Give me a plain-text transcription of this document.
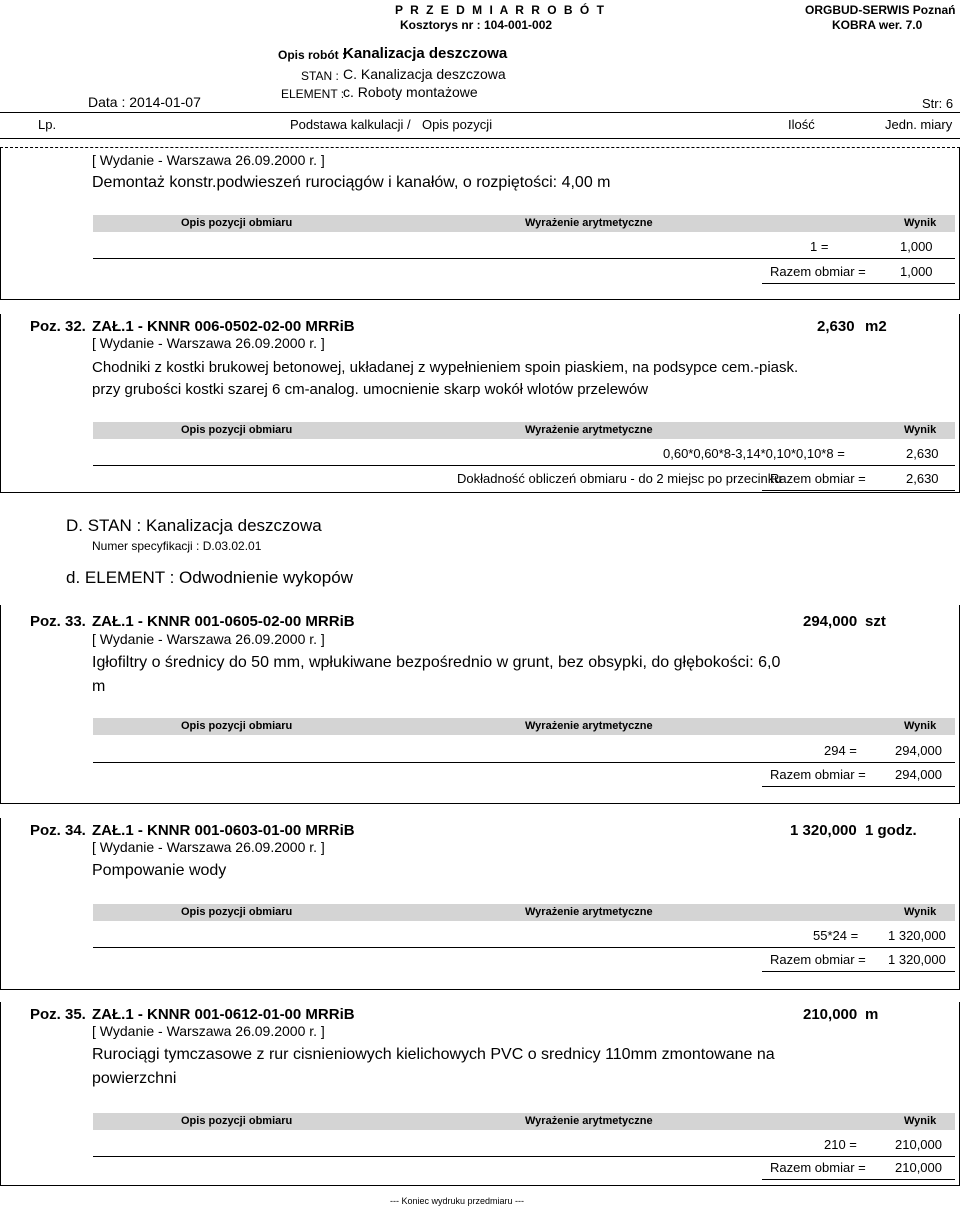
P R Z E D M I A R R O B Ó T
Kosztorys nr : 104-001-002
ORGBUD-SERWIS Poznań
KOBRA wer. 7.0
Opis robót :
Kanalizacja deszczowa
STAN : C. Kanalizacja deszczowa
ELEMENT :
c. Roboty montażowe
Data : 2014-01-07	Str: 6
Lp.	Podstawa kalkulacji / Opis pozycji	Ilość	Jedn. miary
[ Wydanie - Warszawa 26.09.2000 r. ]
Demontaż konstr.podwieszeń rurociągów i kanałów, o rozpiętości: 4,00 m
Opis pozycji obmiaru	Wyrażenie arytmetyczne	Wynik
1 =	1,000
Razem obmiar =	1,000
Poz. 32. ZAŁ.1 - KNNR 006-0502-02-00 MRRiB	2,630 m2
[ Wydanie - Warszawa 26.09.2000 r. ]
Chodniki z kostki brukowej betonowej, układanej z wypełnieniem spoin piaskiem, na podsypce cem.-piask.
przy grubości kostki szarej 6 cm-analog. umocnienie skarp wokół wlotów przelewów
Opis pozycji obmiaru	Wyrażenie arytmetyczne	Wynik
0,60*0,60*8-3,14*0,10*0,10*8 =	2,630
Dokładność obliczeń obmiaru - do 2 miejsc po przecinku
Razem obmiar =	2,630
D. STAN : Kanalizacja deszczowa
Numer specyfikacji : D.03.02.01
d. ELEMENT : Odwodnienie wykopów
Poz. 33. ZAŁ.1 - KNNR 001-0605-02-00 MRRiB	294,000 szt
[ Wydanie - Warszawa 26.09.2000 r. ]
Igłofiltry o średnicy do 50 mm, wpłukiwane bezpośrednio w grunt, bez obsypki, do głębokości: 6,0
m
Opis pozycji obmiaru	Wyrażenie arytmetyczne	Wynik
294 =	294,000
Razem obmiar = 294,000
Poz. 34. ZAŁ.1 - KNNR 001-0603-01-00 MRRiB	1 320,000 1 godz.
[ Wydanie - Warszawa 26.09.2000 r. ]
Pompowanie wody
Opis pozycji obmiaru	Wyrażenie arytmetyczne	Wynik
55*24 = 1 320,000
Razem obmiar = 1 320,000
Poz. 35. ZAŁ.1 - KNNR 001-0612-01-00 MRRiB	210,000 m
[ Wydanie - Warszawa 26.09.2000 r. ]
Rurociągi tymczasowe z rur cisnieniowych kielichowych PVC o srednicy 110mm zmontowane na
powierzchni
Opis pozycji obmiaru	Wyrażenie arytmetyczne	Wynik
210 =	210,000
Razem obmiar = 210,000
--- Koniec wydruku przedmiaru ---
